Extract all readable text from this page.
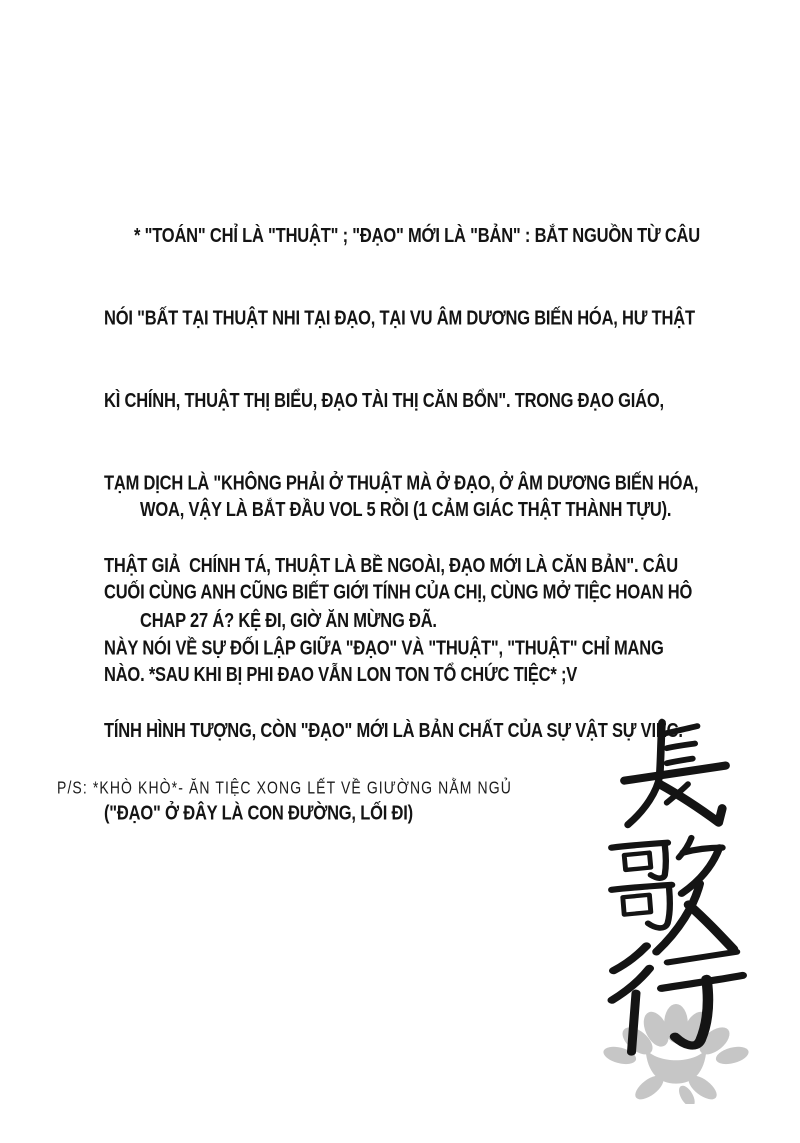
* "TOÁN" CHỈ LÀ "THUẬT" ; "ĐẠO" MỚI LÀ "BẢN" : BẮT NGUỒN TỪ CÂU

NÓI "BẤT TẠI THUẬT NHI TẠI ĐẠO, TẠI VU ÂM DƯƠNG BIẾN HÓA, HƯ THẬT

KÌ CHÍNH, THUẬT THỊ BIỂU, ĐẠO TÀI THỊ CĂN BỔN". TRONG ĐẠO GIÁO,

TẠM DỊCH LÀ "KHÔNG PHẢI Ở THUẬT MÀ Ở ĐẠO, Ở ÂM DƯƠNG BIẾN HÓA,

THẬT GIẢ  CHÍNH TÁ, THUẬT LÀ BỀ NGOÀI, ĐẠO MỚI LÀ CĂN BẢN". CÂU

NÀY NÓI VỀ SỰ ĐỐI LẬP GIỮA "ĐẠO" VÀ "THUẬT", "THUẬT" CHỈ MANG

TÍNH HÌNH TƯỢNG, CÒN "ĐẠO" MỚI LÀ BẢN CHẤT CỦA SỰ VẬT SỰ VIỆC.

("ĐẠO" Ở ĐÂY LÀ CON ĐƯỜNG, LỐI ĐI)

WOA, VẬY LÀ BẮT ĐẦU VOL 5 RỒI (1 CẢM GIÁC THẬT THÀNH TỰU).

CUỐI CÙNG ANH CŨNG BIẾT GIỚI TÍNH CỦA CHỊ, CÙNG MỞ TIỆC HOAN HÔ

NÀO. *SAU KHI BỊ PHI ĐAO VẪN LON TON TỔ CHỨC TIỆC* ;V

CHAP 27 Á? KỆ ĐI, GIỜ ĂN MỪNG ĐÃ.

P/S: *KHÒ KHÒ*- ĂN TIỆC XONG LẾT VỀ GIƯỜNG NẰM NGỦ
